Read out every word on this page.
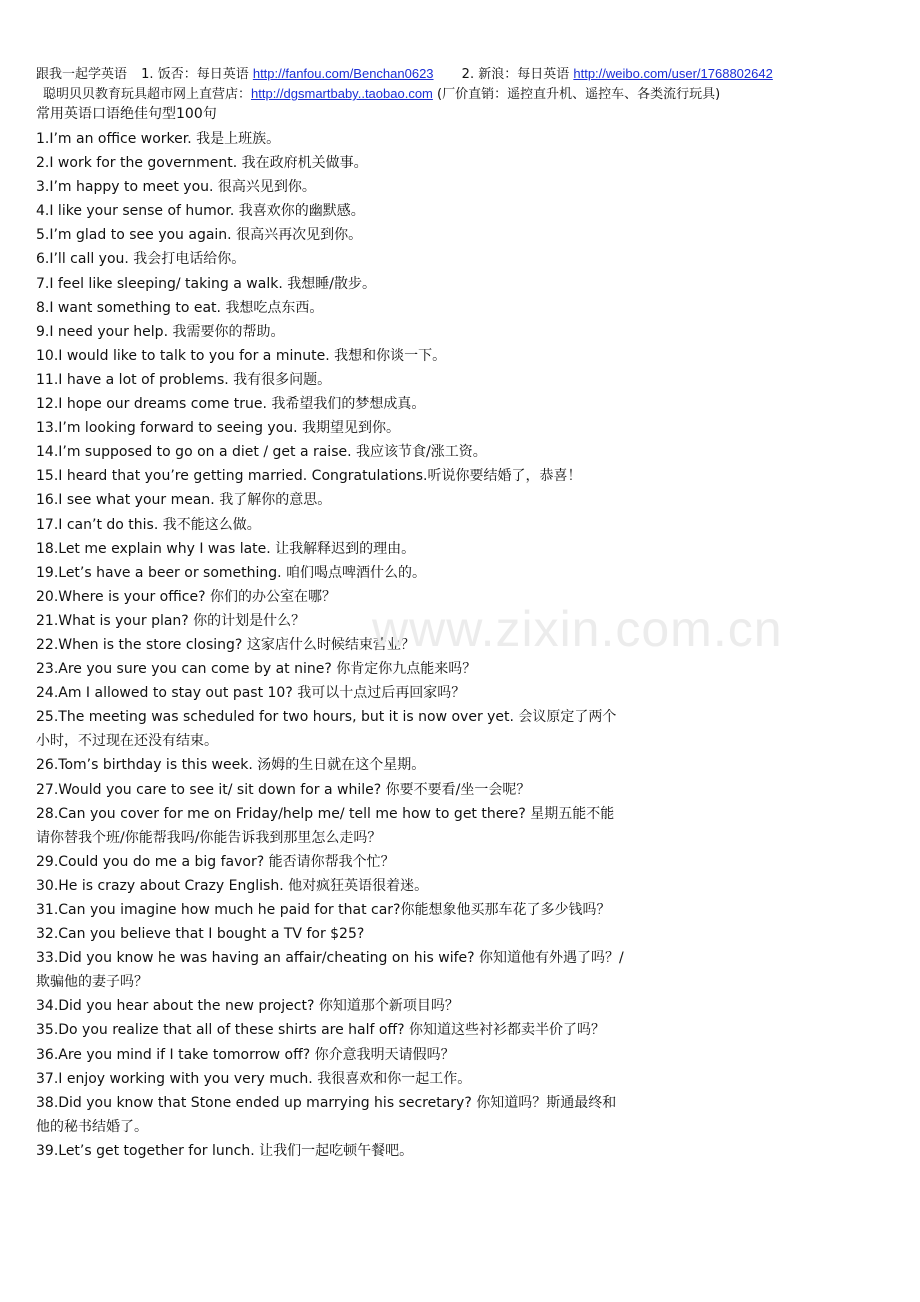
跟我一起学英语 1. 饭否：每日英语 http://fanfou.com/Benchan0623 2. 新浪：每日英语 http://weibo.com/user/1768802642
聪明贝贝教育玩具超市网上直营店：http://dgsmartbaby..taobao.com (厂价直销：遥控直升机、遥控车、各类流行玩具)
常用英语口语绝佳句型100句

1.I’m an office worker. 我是上班族。

2.I work for the government. 我在政府机关做事。

3.I’m happy to meet you. 很高兴见到你。

4.I like your sense of humor. 我喜欢你的幽默感。

5.I’m glad to see you again. 很高兴再次见到你。

6.I’ll call you. 我会打电话给你。

7.I feel like sleeping/ taking a walk. 我想睡/散步。

8.I want something to eat. 我想吃点东西。

9.I need your help. 我需要你的帮助。

10.I would like to talk to you for a minute. 我想和你谈一下。

11.I have a lot of problems. 我有很多问题。

12.I hope our dreams come true. 我希望我们的梦想成真。

13.I’m looking forward to seeing you. 我期望见到你。

14.I’m supposed to go on a diet / get a raise. 我应该节食/涨工资。

15.I heard that you’re getting married. Congratulations.听说你要结婚了，恭喜！

16.I see what your mean. 我了解你的意思。

17.I can’t do this. 我不能这么做。

18.Let me explain why I was late. 让我解释迟到的理由。

19.Let’s have a beer or something. 咱们喝点啤酒什么的。

20.Where is your office? 你们的办公室在哪？

21.What is your plan? 你的计划是什么？

22.When is the store closing? 这家店什么时候结束营业？

23.Are you sure you can come by at nine? 你肯定你九点能来吗？

24.Am I allowed to stay out past 10? 我可以十点过后再回家吗？

25.The meeting was scheduled for two hours, but it is now over yet. 会议原定了两个小时，不过现在还没有结束。

26.Tom’s birthday is this week. 汤姆的生日就在这个星期。

27.Would you care to see it/ sit down for a while? 你要不要看/坐一会呢？

28.Can you cover for me on Friday/help me/ tell me how to get there? 星期五能不能请你替我个班/你能帮我吗/你能告诉我到那里怎么走吗？

29.Could you do me a big favor? 能否请你帮我个忙？

30.He is crazy about Crazy English. 他对疯狂英语很着迷。

31.Can you imagine how much he paid for that car?你能想象他买那车花了多少钱吗？

32.Can you believe that I bought a TV for $25?

33.Did you know he was having an affair/cheating on his wife? 你知道他有外遇了吗？/欺骗他的妻子吗？

34.Did you hear about the new project? 你知道那个新项目吗？

35.Do you realize that all of these shirts are half off? 你知道这些衬衫都卖半价了吗？

36.Are you mind if I take tomorrow off? 你介意我明天请假吗？

37.I enjoy working with you very much. 我很喜欢和你一起工作。

38.Did you know that Stone ended up marrying his secretary? 你知道吗？斯通最终和他的秘书结婚了。

39.Let’s get together for lunch. 让我们一起吃顿午餐吧。

www.zixin.com.cn
